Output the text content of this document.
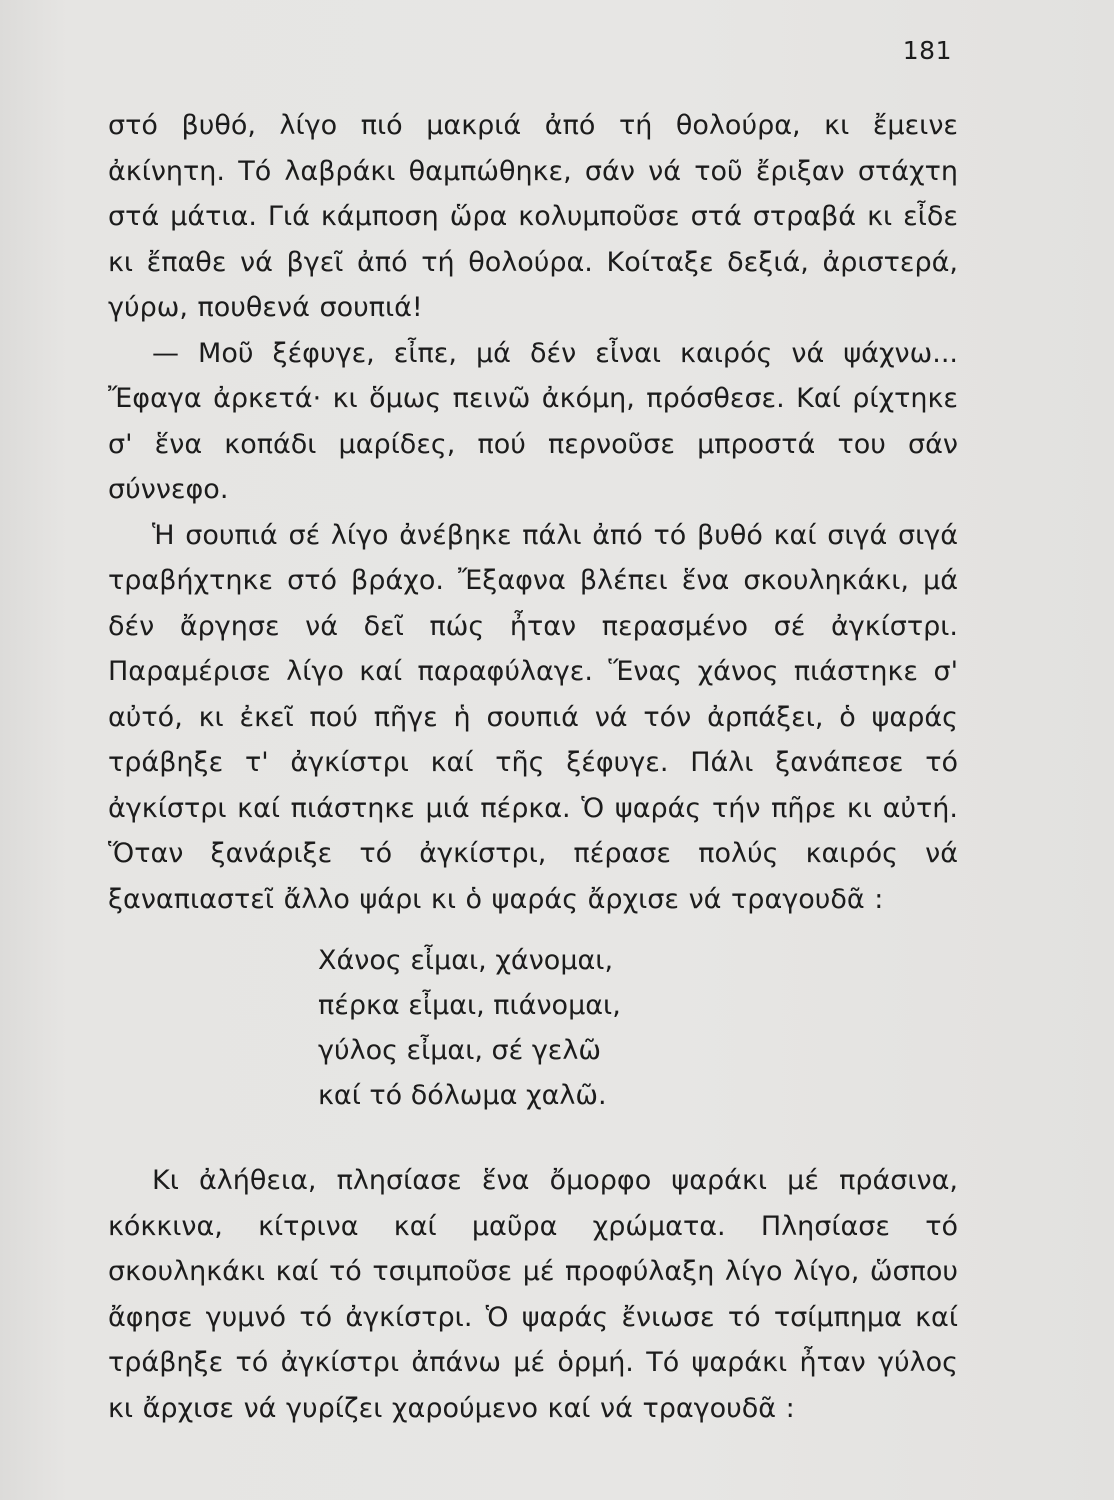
181

στό βυθό, λίγο πιό μακριά ἀπό τή θολούρα, κι ἔμεινε ἀκίνητη. Τό λαβράκι θαμπώθηκε, σάν νά τοῦ ἔριξαν στάχτη στά μάτια. Γιά κάμποση ὥρα κολυμποῦσε στά στραβά κι εἶδε κι ἔπαθε νά βγεῖ ἀπό τή θολούρα. Κοίταξε δεξιά, ἀριστερά, γύρω, πουθενά σουπιά!

— Μοῦ ξέφυγε, εἶπε, μά δέν εἶναι καιρός νά ψάχνω... Ἔφαγα ἀρκετά· κι ὅμως πεινῶ ἀκόμη, πρόσθεσε. Καί ρίχτηκε σ' ἕνα κοπάδι μαρίδες, πού περνοῦσε μπροστά του σάν σύννεφο.

Ἡ σουπιά σέ λίγο ἀνέβηκε πάλι ἀπό τό βυθό καί σιγά σιγά τραβήχτηκε στό βράχο. Ἔξαφνα βλέπει ἕνα σκουληκάκι, μά δέν ἄργησε νά δεῖ πώς ἦταν περασμένο σέ ἀγκίστρι. Παραμέρισε λίγο καί παραφύλαγε. Ἕνας χάνος πιάστηκε σ' αὐτό, κι ἐκεῖ πού πῆγε ἡ σουπιά νά τόν ἀρπάξει, ὁ ψαράς τράβηξε τ' ἀγκίστρι καί τῆς ξέφυγε. Πάλι ξανάπεσε τό ἀγκίστρι καί πιάστηκε μιά πέρκα. Ὁ ψαράς τήν πῆρε κι αὐτή. Ὅταν ξανάριξε τό ἀγκίστρι, πέρασε πολύς καιρός νά ξαναπιαστεῖ ἄλλο ψάρι κι ὁ ψαράς ἄρχισε νά τραγουδᾶ :

Χάνος εἶμαι, χάνομαι,
πέρκα εἶμαι, πιάνομαι,
γύλος εἶμαι, σέ γελῶ
καί τό δόλωμα χαλῶ.

Κι ἀλήθεια, πλησίασε ἕνα ὄμορφο ψαράκι μέ πράσινα, κόκκινα, κίτρινα καί μαῦρα χρώματα. Πλησίασε τό σκουληκάκι καί τό τσιμποῦσε μέ προφύλαξη λίγο λίγο, ὥσπου ἄφησε γυμνό τό ἀγκίστρι. Ὁ ψαράς ἔνιωσε τό τσίμπημα καί τράβηξε τό ἀγκίστρι ἀπάνω μέ ὁρμή. Τό ψαράκι ἦταν γύλος κι ἄρχισε νά γυρίζει χαρούμενο καί νά τραγουδᾶ :
